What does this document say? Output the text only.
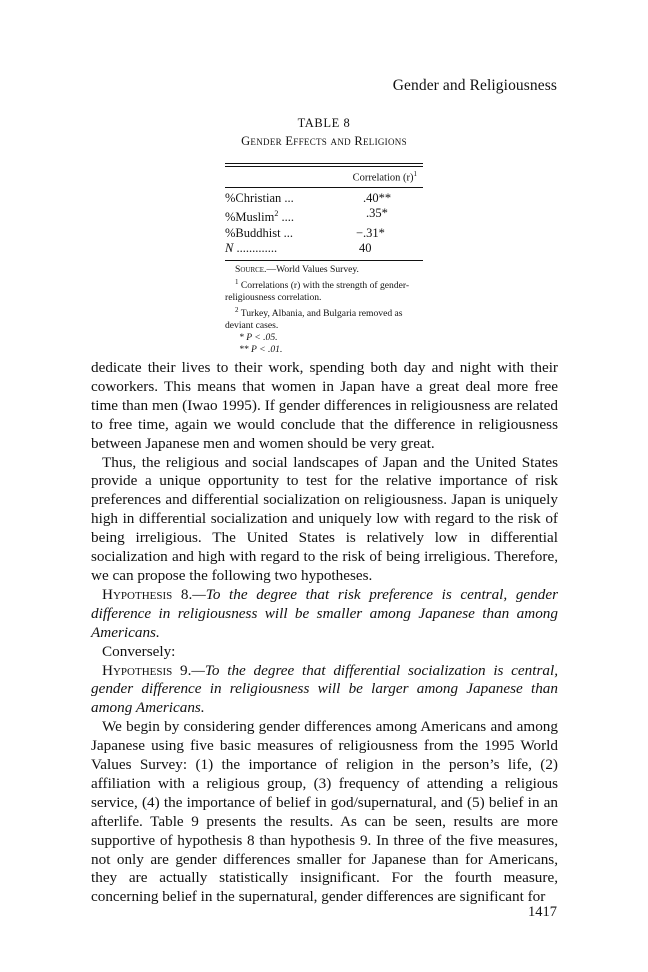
Gender and Religiousness
TABLE 8
Gender Effects and Religions
Correlation $(r)^1$
%Christian ...	.40**
%Muslim$^2$ ....	.35*
%Buddhist ...	−.31*
N .............	40
Source.—World Values Survey.
$^1$ Correlations (r) with the strength of gender-religiousness correlation.
$^2$ Turkey, Albania, and Bulgaria removed as deviant cases.
* P < .05.
** P < .01.

dedicate their lives to their work, spending both day and night with their coworkers. This means that women in Japan have a great deal more free time than men (Iwao 1995). If gender differences in religiousness are related to free time, again we would conclude that the difference in religiousness between Japanese men and women should be very great.

Thus, the religious and social landscapes of Japan and the United States provide a unique opportunity to test for the relative importance of risk preferences and differential socialization on religiousness. Japan is uniquely high in differential socialization and uniquely low with regard to the risk of being irreligious. The United States is relatively low in differential socialization and high with regard to the risk of being irreligious. Therefore, we can propose the following two hypotheses.

Hypothesis 8.—To the degree that risk preference is central, gender difference in religiousness will be smaller among Japanese than among Americans.

Conversely:

Hypothesis 9.—To the degree that differential socialization is central, gender difference in religiousness will be larger among Japanese than among Americans.

We begin by considering gender differences among Americans and among Japanese using five basic measures of religiousness from the 1995 World Values Survey: (1) the importance of religion in the person’s life, (2) affiliation with a religious group, (3) frequency of attending a religious service, (4) the importance of belief in god/supernatural, and (5) belief in an afterlife. Table 9 presents the results. As can be seen, results are more supportive of hypothesis 8 than hypothesis 9. In three of the five measures, not only are gender differences smaller for Japanese than for Americans, they are actually statistically insignificant. For the fourth measure, concerning belief in the supernatural, gender differences are significant for

1417
